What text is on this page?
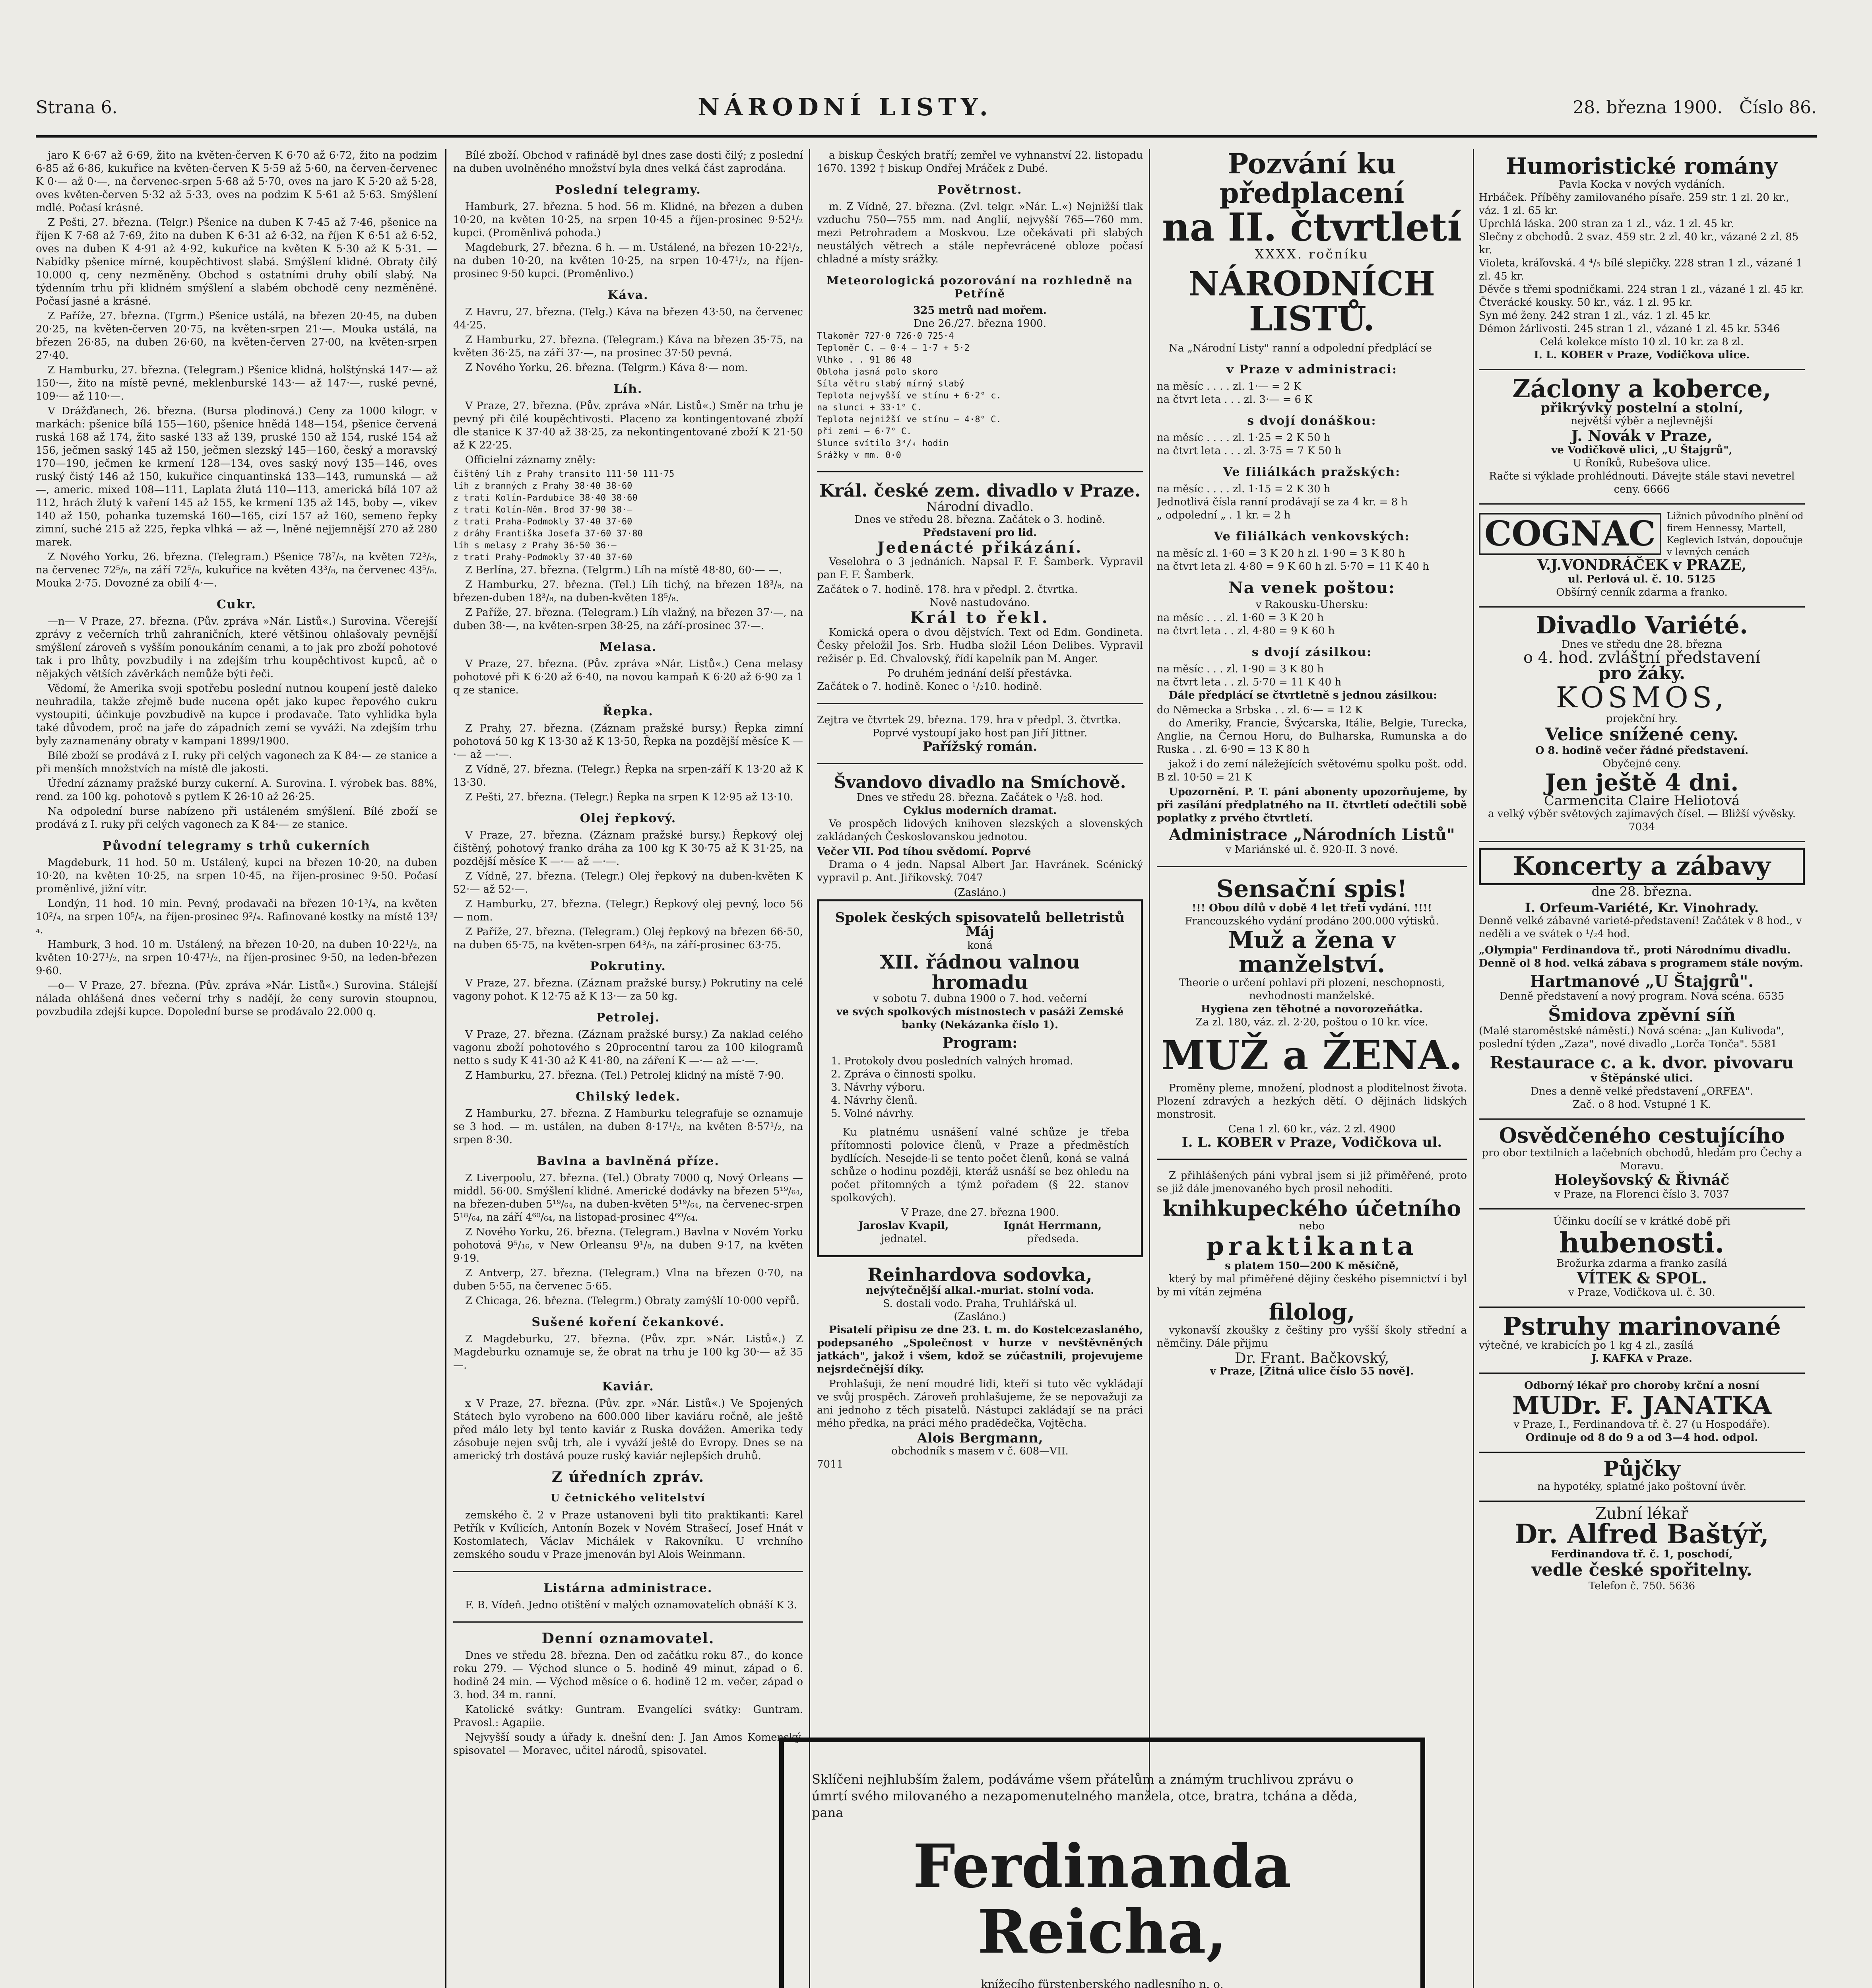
Strana 6.	NÁRODNÍ LISTY.	28. března 1900. Číslo 86.

jaro K 6·67 až 6·69, žito na květen-červen K 6·70 až 6·72, žito na podzim 6·85 až 6·86, kukuřice na květen-červen K 5·59 až 5·60, na červen-červenec K 0·— až 0·—, na červenec-srpen 5·68 až 5·70, oves na jaro K 5·20 až 5·28, oves květen-červen 5·32 až 5·33, oves na podzim K 5·61 až 5·63. Smýšlení mdlé. Počasí krásné.

Z Pešti, 27. března. (Telgr.) Pšenice na duben K 7·45 až 7·46, pšenice na říjen K 7·68 až 7·69, žito na duben K 6·31 až 6·32, na říjen K 6·51 až 6·52, oves na duben K 4·91 až 4·92, kukuřice na květen K 5·30 až K 5·31. — Nabídky pšenice mírné, koupěchtivost slabá. Smýšlení klidné. Obraty čilý 10.000 q, ceny nezměněny. Obchod s ostatními druhy obilí slabý. Na týdenním trhu při klidném smýšlení a slabém obchodě ceny nezměněné. Počasí jasné a krásné.

Z Paříže, 27. března. (Tgrm.) Pšenice ustálá, na březen 20·45, na duben 20·25, na květen-červen 20·75, na květen-srpen 21·—. Mouka ustálá, na březen 26·85, na duben 26·60, na květen-červen 27·00, na květen-srpen 27·40.

Z Hamburku, 27. března. (Telegram.) Pšenice klidná, holštýnská 147·— až 150·—, žito na místě pevné, meklenburské 143·— až 147·—, ruské pevné, 109·— až 110·—.

V Drážďanech, 26. března. (Bursa plodinová.) Ceny za 1000 kilogr. v markách: pšenice bílá 155—160, pšenice hnědá 148—154, pšenice červená ruská 168 až 174, žito saské 133 až 139, pruské 150 až 154, ruské 154 až 156, ječmen saský 145 až 150, ječmen slezský 145—160, český a moravský 170—190, ječmen ke krmení 128—134, oves saský nový 135—146, oves ruský čistý 146 až 150, kukuřice cinquantinská 133—143, rumunská — až —, americ. mixed 108—111, Laplata žlutá 110—113, americká bílá 107 až 112, hrách žlutý k vaření 145 až 155, ke krmení 135 až 145, boby —, vikev 140 až 150, pohanka tuzemská 160—165, cizí 157 až 160, semeno řepky zimní, suché 215 až 225, řepka vlhká — až —, lněné nejjemnější 270 až 280 marek.

Z Nového Yorku, 26. března. (Telegram.) Pšenice 78⁷/₈, na květen 72³/₈, na červenec 72⁵/₈, na září 72⁵/₈, kukuřice na květen 43³/₈, na červenec 43⁵/₈. Mouka 2·75. Dovozné za obilí 4·—.

Cukr.

—n— V Praze, 27. března. (Pův. zpráva »Nár. Listů«.) Surovina. Včerejší zprávy z večerních trhů zahraničních, které většinou ohlašovaly pevnější smýšlení zároveň s vyšším ponoukáním cenami, a to jak pro zboží pohotové tak i pro lhůty, povzbudily i na zdejším trhu koupěchtivost kupců, ač o nějakých větších závěrkách nemůže býti řeči.

Vědomí, že Amerika svoji spotřebu poslední nutnou koupení jestě daleko neuhradila, takže zřejmě bude nucena opět jako kupec řepového cukru vystoupiti, účinkuje povzbudivě na kupce i prodavače. Tato vyhlídka byla také důvodem, proč na jaře do západních zemí se vyváží. Na zdejším trhu byly zaznamenány obraty v kampani 1899/1900.

Bílé zboží se prodává z I. ruky při celých vagonech za K 84·— ze stanice a při menších množstvích na místě dle jakosti.

Úřední záznamy pražské burzy cukerní. A. Surovina. I. výrobek bas. 88%, rend. za 100 kg. pohotově s pytlem K 26·10 až 26·25.

Na odpolední burse nabízeno při ustáleném smýšlení. Bílé zboží se prodává z I. ruky při celých vagonech za K 84·— ze stanice.

Původní telegramy s trhů cukerních

Magdeburk, 11 hod. 50 m. Ustálený, kupci na březen 10·20, na duben 10·20, na květen 10·25, na srpen 10·45, na říjen-prosinec 9·50. Počasí proměnlivé, jižní vítr.

Londýn, 11 hod. 10 min. Pevný, prodavači na březen 10·1³/₄, na květen 10²/₄, na srpen 10⁵/₄, na říjen-prosinec 9²/₄. Rafinované kostky na místě 13³/₄.

Hamburk, 3 hod. 10 m. Ustálený, na březen 10·20, na duben 10·22¹/₂, na květen 10·27¹/₂, na srpen 10·47¹/₂, na říjen-prosinec 9·50, na leden-březen 9·60.

—o— V Praze, 27. března. (Pův. zpráva »Nár. Listů«.) Surovina. Stálejší nálada ohlášená dnes večerní trhy s nadějí, že ceny surovin stoupnou, povzbudila zdejší kupce. Dopolední burse se prodávalo 22.000 q.

Bílé zboží. Obchod v rafinádě byl dnes zase dosti čilý; z poslední na duben uvolněného množství byla dnes velká část zaprodána.

Poslední telegramy.

Hamburk, 27. března. 5 hod. 56 m. Klidné, na březen a duben 10·20, na květen 10·25, na srpen 10·45 a říjen-prosinec 9·52¹/₂ kupci. (Proměnlivá pohoda.)

Magdeburk, 27. března. 6 h. — m. Ustálené, na březen 10·22¹/₂, na duben 10·20, na květen 10·25, na srpen 10·47¹/₂, na říjen-prosinec 9·50 kupci. (Proměnlivo.)

Káva.

Z Havru, 27. března. (Telg.) Káva na březen 43·50, na červenec 44·25.

Z Hamburku, 27. března. (Telegram.) Káva na březen 35·75, na květen 36·25, na září 37·—, na prosinec 37·50 pevná.

Z Nového Yorku, 26. března. (Telgrm.) Káva 8·— nom.

Líh.

V Praze, 27. března. (Pův. zpráva »Nár. Listů«.) Směr na trhu je pevný při čilé koupěchtivosti. Placeno za kontingentované zboží dle stanice K 37·40 až 38·25, za nekontingentované zboží K 21·50 až K 22·25.

Officielní záznamy zněly:

čištěný líh z Prahy transito 111·50 111·75
líh z branných z Prahy 38·40 38·60
z trati Kolín-Pardubice 38·40 38·60
z trati Kolín-Něm. Brod 37·90 38·—
z trati Praha-Podmokly 37·40 37·60
z dráhy Františka Josefa 37·60 37·80
líh s melasy z Prahy 36·50 36·—
z trati Prahy-Podmokly 37·40 37·60

Z Berlína, 27. března. (Telgrm.) Líh na místě 48·80, 60·— —.

Z Hamburku, 27. března. (Tel.) Líh tichý, na březen 18³/₈, na březen-duben 18³/₈, na duben-květen 18⁵/₈.

Z Paříže, 27. března. (Telegram.) Líh vlažný, na březen 37·—, na duben 38·—, na květen-srpen 38·25, na září-prosinec 37·—.

Melasa.

V Praze, 27. března. (Pův. zpráva »Nár. Listů«.) Cena melasy pohotové při K 6·20 až 6·40, na novou kampaň K 6·20 až 6·90 za 1 q ze stanice.

Řepka.

Z Prahy, 27. března. (Záznam pražské bursy.) Řepka zimní pohotová 50 kg K 13·30 až K 13·50, Řepka na pozdější měsíce K —·— až —·—.

Z Vídně, 27. března. (Telegr.) Řepka na srpen-září K 13·20 až K 13·30.

Z Pešti, 27. března. (Telegr.) Řepka na srpen K 12·95 až 13·10.

Olej řepkový.

V Praze, 27. března. (Záznam pražské bursy.) Řepkový olej čištěný, pohotový franko dráha za 100 kg K 30·75 až K 31·25, na pozdější měsíce K —·— až —·—.

Z Vídně, 27. března. (Telegr.) Olej řepkový na duben-květen K 52·— až 52·—.

Z Hamburku, 27. března. (Telegr.) Řepkový olej pevný, loco 56 — nom.

Z Paříže, 27. března. (Telegram.) Olej řepkový na březen 66·50, na duben 65·75, na květen-srpen 64³/₈, na září-prosinec 63·75.

Pokrutiny.

V Praze, 27. března. (Záznam pražské bursy.) Pokrutiny na celé vagony pohot. K 12·75 až K 13·— za 50 kg.

Petrolej.

V Praze, 27. března. (Záznam pražské bursy.) Za naklad celého vagonu zboží pohotového s 20procentní tarou za 100 kilogramů netto s sudy K 41·30 až K 41·80, na záření K —·— až —·—.

Z Hamburku, 27. března. (Tel.) Petrolej klidný na místě 7·90.

Chilský ledek.

Z Hamburku, 27. března. Z Hamburku telegrafuje se oznamuje se 3 hod. — m. ustálen, na duben 8·17¹/₂, na květen 8·57¹/₂, na srpen 8·30.

Bavlna a bavlněná příze.

Z Liverpoolu, 27. března. (Tel.) Obraty 7000 q, Nový Orleans — middl. 56·00. Smýšlení klidné. Americké dodávky na březen 5¹⁹/₆₄, na březen-duben 5¹⁹/₆₄, na duben-květen 5¹⁹/₆₄, na červenec-srpen 5¹⁸/₆₄, na září 4⁶⁰/₆₄, na listopad-prosinec 4⁶⁰/₆₄.

Z Nového Yorku, 26. března. (Telegram.) Bavlna v Novém Yorku pohotová 9⁵/₁₆, v New Orleansu 9¹/₈, na duben 9·17, na květen 9·19.

Z Antverp, 27. března. (Telegram.) Vlna na březen 0·70, na duben 5·55, na červenec 5·65.

Z Chicaga, 26. března. (Telegrm.) Obraty zamýšlí 10·000 vepřů.

Sušené koření čekankové.

Z Magdeburku, 27. března. (Pův. zpr. »Nár. Listů«.) Z Magdeburku oznamuje se, že obrat na trhu je 100 kg 30·— až 35 —.

Kaviár.

x V Praze, 27. března. (Pův. zpr. »Nár. Listů«.) Ve Spojených Státech bylo vyrobeno na 600.000 liber kaviáru ročně, ale ještě před málo lety byl tento kaviár z Ruska dovážen. Amerika tedy zásobuje nejen svůj trh, ale i vyváží ještě do Evropy. Dnes se na americký trh dostává pouze ruský kaviár nejlepších druhů.

Z úředních zpráv.
U četnického velitelství

zemského č. 2 v Praze ustanoveni byli tito praktikanti: Karel Petřík v Kvílicích, Antonín Bozek v Novém Strašecí, Josef Hnát v Kostomlatech, Václav Michálek v Rakovníku. U vrchního zemského soudu v Praze jmenován byl Alois Weinmann.

Listárna administrace.

F. B. Vídeň. Jedno otištění v malých oznamovatelích obnáší K 3.

Denní oznamovatel.

Dnes ve středu 28. března. Den od začátku roku 87., do konce roku 279. — Východ slunce o 5. hodině 49 minut, západ o 6. hodině 24 min. — Východ měsíce o 6. hodině 12 m. večer, západ o 3. hod. 34 m. ranní.

Katolické svátky: Guntram. Evangelíci svátky: Guntram. Pravosl.: Agapiie.

Nejvyšší soudy a úřady k. dnešní den: J. Jan Amos Komenský, spisovatel — Moravec, učitel národů, spisovatel.

a biskup Českých bratří; zemřel ve vyhnanství 22. listopadu 1670. 1392 † biskup Ondřej Mráček z Dubé.

Povětrnost.

m. Z Vídně, 27. března. (Zvl. telgr. »Nár. L.«) Nejnižší tlak vzduchu 750—755 mm. nad Anglií, nejvyšší 765—760 mm. mezi Petrohradem a Moskvou. Lze očekávati při slabých neustálých větrech a stále nepřevrácené obloze počasí chladné a místy srážky.

Meteorologická pozorování na rozhledně na Petříně
325 metrů nad mořem.
Dne 26./27. března 1900.
Tlakoměr 727·0 726·0 725·4
Teploměr C. — 0·4 — 1·7 + 5·2
Vlhko . . 91 86 48
Obloha jasná polo skoro
Síla větru slabý mírný slabý
Teplota nejvyšší ve stínu + 6·2° c.
na slunci + 33·1° C.
Teplota nejnižší ve stínu — 4·8° C.
při zemi — 6·7° C.
Slunce svítilo 3³/₄ hodin
Srážky v mm. 0·0
Král. české zem. divadlo v Praze.
Národní divadlo.
Dnes ve středu 28. března. Začátek o 3. hodině.
Představení pro lid.
Jedenácté přikázání.

Veselohra o 3 jednáních. Napsal F. F. Šamberk. Vypravil pan F. F. Šamberk.

Začátek o 7. hodině. 178. hra v předpl. 2. čtvrtka.
Nově nastudováno.
Král to řekl.

Komická opera o dvou dějstvích. Text od Edm. Gondineta. Česky přeložil Jos. Srb. Hudba složil Léon Delibes. Vypravil režisér p. Ed. Chvalovský, řídí kapelník pan M. Anger.

Po druhém jednání delší přestávka.
Začátek o 7. hodině. Konec o ¹/₂10. hodině.
Zejtra ve čtvrtek 29. března. 179. hra v předpl. 3. čtvrtka.
Poprvé vystoupí jako host pan Jiří Jittner.
Pařížský román.
Švandovo divadlo na Smíchově.
Dnes ve středu 28. března. Začátek o ¹/₂8. hod.
Cyklus moderních dramat.

Ve prospěch lidových knihoven slezských a slovenských zakládaných Českoslovanskou jednotou.

Večer VII. Pod tíhou svědomí. Poprvé

Drama o 4 jedn. Napsal Albert Jar. Havránek. Scénický vypravil p. Ant. Jiříkovský. 7047

(Zasláno.)
Spolek českých spisovatelů belletristů Máj
koná
XII. řádnou valnou hromadu
v sobotu 7. dubna 1900 o 7. hod. večerní
ve svých spolkových místnostech v pasáži Zemské banky (Nekázanka číslo 1).
Program:
1. Protokoly dvou posledních valných hromad.
2. Zpráva o činnosti spolku.
3. Návrhy výboru.
4. Návrhy členů.
5. Volné návrhy.

Ku platnému usnášení valné schůze je třeba přítomnosti polovice členů, v Praze a předměstích bydlících. Nesejde-li se tento počet členů, koná se valná schůze o hodinu později, kteráž usnáší se bez ohledu na počet přítomných a týmž pořadem (§ 22. stanov spolkových).

V Praze, dne 27. března 1900.
Jaroslav Kvapil,	Ignát Herrmann,
jednatel.	předseda.
Reinhardova sodovka,
nejvýtečnější alkal.-muriat. stolní voda.
S. dostali vodo. Praha, Truhlářská ul.
(Zasláno.)

Pisatelí připisu ze dne 23. t. m. do Kostelcezaslaného, podepsaného „Společnost v hurze v nevštěvněných jatkách", jakož i všem, kdož se zúčastnili, projevujeme nejsrdečnější díky.

Prohlašuji, že není moudré lidi, kteří si tuto věc vykládají ve svůj prospěch. Zároveň prohlašujeme, že se nepovažuji za ani jednoho z těch pisatelů. Nástupci zakládají se na práci mého předka, na práci mého pradědečka, Vojtěcha.

Alois Bergmann,
obchodník s masem v č. 608—VII.
7011
Pozvání ku předplacení
na II. čtvrtletí
XXXX. ročníku
NÁRODNÍCH LISTŮ.

Na „Národní Listy" ranní a odpolední předplácí se

v Praze v administraci:
na měsíc . . . . zl. 1·— = 2 K
na čtvrt leta . . . zl. 3·— = 6 K
s dvojí donáškou:
na měsíc . . . . zl. 1·25 = 2 K 50 h
na čtvrt leta . . . zl. 3·75 = 7 K 50 h
Ve filiálkách pražských:
na měsíc . . . . zl. 1·15 = 2 K 30 h
Jednotlivá čísla ranní prodávají se za 4 kr. = 8 h
„ odpolední „ . 1 kr. = 2 h
Ve filiálkách venkovských:
na měsíc zl. 1·60 = 3 K 20 h zl. 1·90 = 3 K 80 h
na čtvrt leta zl. 4·80 = 9 K 60 h zl. 5·70 = 11 K 40 h
Na venek poštou:
v Rakousku-Uhersku:
na měsíc . . . zl. 1·60 = 3 K 20 h
na čtvrt leta . . zl. 4·80 = 9 K 60 h
s dvojí zásilkou:
na měsíc . . . zl. 1·90 = 3 K 80 h
na čtvrt leta . . zl. 5·70 = 11 K 40 h

Dále předplácí se čtvrtletně s jednou zásilkou:

do Německa a Srbska . . zl. 6·— = 12 K

do Ameriky, Francie, Švýcarska, Itálie, Belgie, Turecka, Anglie, na Černou Horu, do Bulharska, Rumunska a do Ruska . . zl. 6·90 = 13 K 80 h

jakož i do zemí náležejících světovému spolku pošt. odd. B zl. 10·50 = 21 K

Upozornění. P. T. páni abonenty upozorňujeme, by při zasílání předplatného na II. čtvrtletí odečtili sobě poplatky z prvého čtvrtletí.

Administrace „Národních Listů"
v Mariánské ul. č. 920-II. 3 nové.
Sensační spis!
!!! Obou dílů v době 4 let třetí vydání. !!!!
Francouzského vydání prodáno 200.000 výtisků.
Muž a žena v manželství.
Theorie o určení pohlaví při plození, neschopnosti, nevhodnosti manželské.
Hygiena zen těhotné a novorozeňátka.
Za zl. 180, váz. zl. 2·20, poštou o 10 kr. více.
MUŽ a ŽENA.

Proměny pleme, množení, plodnost a ploditelnost života. Plození zdravých a hezkých dětí. O dějinách lidských monstrosit.

Cena 1 zl. 60 kr., váz. 2 zl. 4900
I. L. KOBER v Praze, Vodičkova ul.

Z přihlášených páni vybral jsem si již přiměřené, proto se již dále jmenovaného bych prosil nehodíti.

knihkupeckého účetního
nebo
praktikanta
s platem 150—200 K měsíčně,

který by mal přiměřené dějiny českého písemnictví i byl by mi vítán zejména

filolog,

vykonavší zkoušky z češtiny pro vyšší školy střední a němčiny. Dále přijmu

Dr. Frant. Bačkovský,
v Praze, [Žitná ulice číslo 55 nově].
Humoristické romány
Pavla Kocka v nových vydáních.
Hrbáček. Příběhy zamilovaného písaře. 259 str. 1 zl. 20 kr., váz. 1 zl. 65 kr.
Uprchlá láska. 200 stran za 1 zl., váz. 1 zl. 45 kr.
Slečny z obchodů. 2 svaz. 459 str. 2 zl. 40 kr., vázané 2 zl. 85 kr.
Violeta, kráľovská. 4 ⁴/₅ bílé slepičky. 228 stran 1 zl., vázané 1 zl. 45 kr.
Děvče s třemi spodničkami. 224 stran 1 zl., vázané 1 zl. 45 kr.
Čtverácké kousky. 50 kr., váz. 1 zl. 95 kr.
Syn mé ženy. 242 stran 1 zl., váz. 1 zl. 45 kr.
Démon žárlivosti. 245 stran 1 zl., vázané 1 zl. 45 kr. 5346
Celá kolekce místo 10 zl. 10 kr. za 8 zl.
I. L. KOBER v Praze, Vodičkova ulice.
Záclony a koberce,
přikrývky postelní a stolní,
největší výběr a nejlevnější
J. Novák v Praze,
ve Vodičkově ulici, „U Štajgrů",
U Řoníků, Rubešova ulice.
Račte si výklade prohlédnouti. Dávejte stále stavi nevetrel ceny. 6666
COGNAC	Ližnich původního plnění od firem Hennessy, Martell, Keglevich István, dopoučuje v levných cenách
V.J.VONDRÁČEK v PRAZE,
ul. Perlová ul. č. 10. 5125
Obšírný cenník zdarma a franko.
Divadlo Variété.
Dnes ve středu dne 28. března
o 4. hod. zvláštní představení
pro žáky.
KOSMOS,
projekční hry.
Velice snížené ceny.
O 8. hodině večer řádné představení.
Obyčejné ceny.
Jen ještě 4 dni.
Carmencita Claire Heliotová
a velký výběr světových zajímavých čísel. — Bližší vývěsky. 7034
Koncerty a zábavy
dne 28. března.
I. Orfeum-Variété, Kr. Vinohrady.
Denně velké zábavné varieté-představení! Začátek v 8 hod., v neděli a ve svátek o ¹/₂4 hod.
„Olympia" Ferdinandova tř., proti Národnímu divadlu. Denně ol 8 hod. velká zábava s programem stále novým.
Hartmanové „U Štajgrů".
Denně představení a nový program. Nová scéna. 6535
Šmidova zpěvní síň
(Malé staroměstské náměstí.) Nová scéna: „Jan Kulivoda", poslední týden „Zaza", nové divadlo „Lorča Tonča". 5581
Restaurace c. a k. dvor. pivovaru
v Štěpánské ulici.
Dnes a denně velké představení „ORFEA".
Zač. o 8 hod. Vstupné 1 K.
Osvědčeného cestujícího
pro obor textilních a lačebních obchodů, hledám pro Čechy a Moravu.
Holeyšovský & Řivnáč
v Praze, na Florenci číslo 3. 7037
Účinku docílí se v krátké době při
hubenosti.
Brožurka zdarma a franko zasílá
VÍTEK & SPOL.
v Praze, Vodičkova ul. č. 30.
Pstruhy marinované
výtečné, ve krabicích po 1 kg 4 zl., zasílá
J. KAFKA v Praze.
Odborný lékař pro choroby krční a nosní
MUDr. F. JANATKA
v Praze, I., Ferdinandova tř. č. 27 (u Hospodáře).
Ordinuje od 8 do 9 a od 3—4 hod. odpol.
Půjčky
na hypotéky, splatné jako poštovní úvěr.
Zubní lékař
Dr. Alfred Baštýř,
Ferdinandova tř. č. 1, poschodí,
vedle české spořitelny.
Telefon č. 750. 5636

Sklíčeni nejhlubším žalem, podáváme všem přátelům a známým truchlivou zprávu o úmrtí svého milovaného a nezapomenutelného manžela, otce, bratra, tchána a děda, pana

Ferdinanda Reicha,
knížecího fürstenberského nadlesního n. o.
